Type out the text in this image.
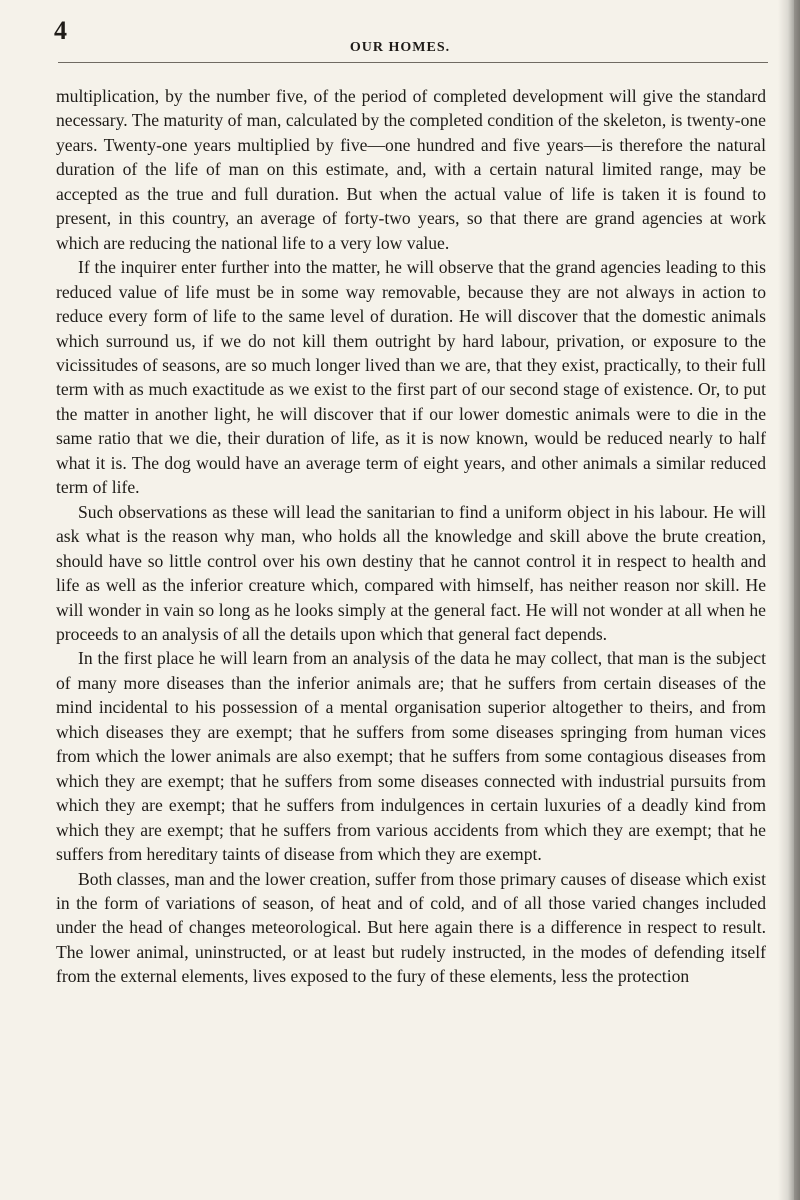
4
OUR HOMES.

multiplication, by the number five, of the period of completed development will give the standard necessary. The maturity of man, calculated by the completed condition of the skeleton, is twenty-one years. Twenty-one years multiplied by five—one hundred and five years—is therefore the natural duration of the life of man on this estimate, and, with a certain natural limited range, may be accepted as the true and full duration. But when the actual value of life is taken it is found to present, in this country, an average of forty-two years, so that there are grand agencies at work which are reducing the national life to a very low value.

If the inquirer enter further into the matter, he will observe that the grand agencies leading to this reduced value of life must be in some way removable, because they are not always in action to reduce every form of life to the same level of duration. He will discover that the domestic animals which surround us, if we do not kill them outright by hard labour, privation, or exposure to the vicissitudes of seasons, are so much longer lived than we are, that they exist, practically, to their full term with as much exactitude as we exist to the first part of our second stage of existence. Or, to put the matter in another light, he will discover that if our lower domestic animals were to die in the same ratio that we die, their duration of life, as it is now known, would be reduced nearly to half what it is. The dog would have an average term of eight years, and other animals a similar reduced term of life.

Such observations as these will lead the sanitarian to find a uniform object in his labour. He will ask what is the reason why man, who holds all the knowledge and skill above the brute creation, should have so little control over his own destiny that he cannot control it in respect to health and life as well as the inferior creature which, compared with himself, has neither reason nor skill. He will wonder in vain so long as he looks simply at the general fact. He will not wonder at all when he proceeds to an analysis of all the details upon which that general fact depends.

In the first place he will learn from an analysis of the data he may collect, that man is the subject of many more diseases than the inferior animals are; that he suffers from certain diseases of the mind incidental to his possession of a mental organisation superior altogether to theirs, and from which diseases they are exempt; that he suffers from some diseases springing from human vices from which the lower animals are also exempt; that he suffers from some contagious diseases from which they are exempt; that he suffers from some diseases connected with industrial pursuits from which they are exempt; that he suffers from indulgences in certain luxuries of a deadly kind from which they are exempt; that he suffers from various accidents from which they are exempt; that he suffers from hereditary taints of disease from which they are exempt.

Both classes, man and the lower creation, suffer from those primary causes of disease which exist in the form of variations of season, of heat and of cold, and of all those varied changes included under the head of changes meteorological. But here again there is a difference in respect to result. The lower animal, uninstructed, or at least but rudely instructed, in the modes of defending itself from the external elements, lives exposed to the fury of these elements, less the protection
